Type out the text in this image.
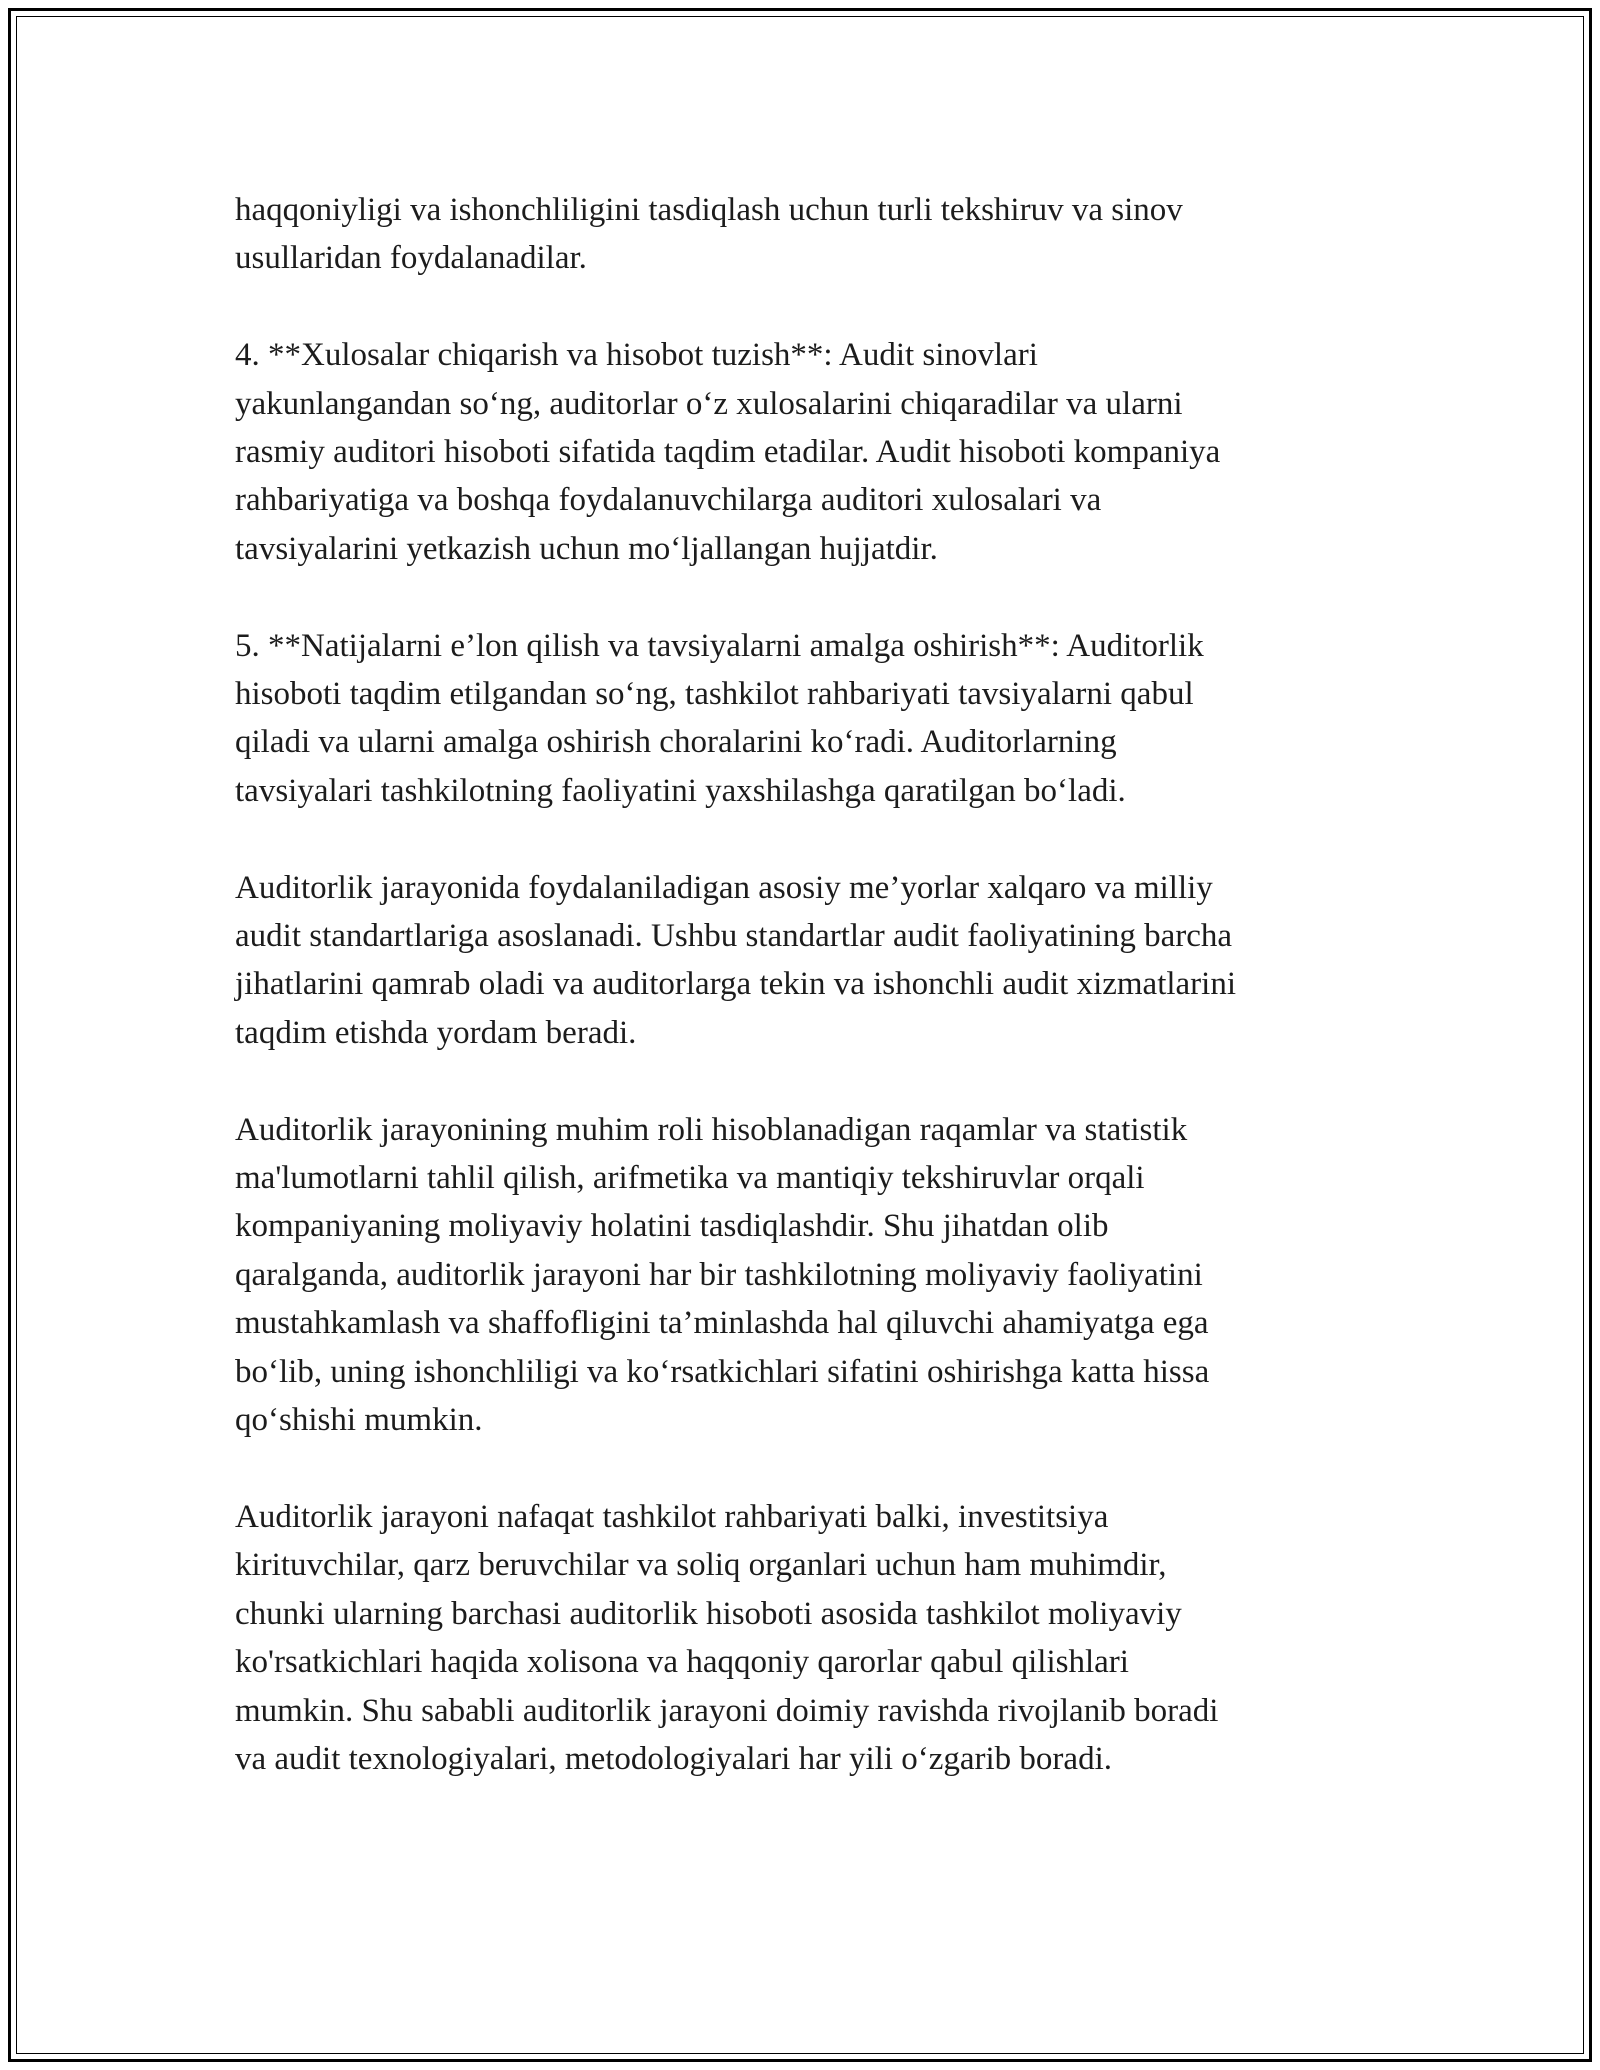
haqqoniyligi va ishonchliligini tasdiqlash uchun turli tekshiruv va sinov
usullaridan foydalanadilar.

4. **Xulosalar chiqarish va hisobot tuzish**: Audit sinovlari
yakunlangandan so‘ng, auditorlar o‘z xulosalarini chiqaradilar va ularni
rasmiy auditori hisoboti sifatida taqdim etadilar. Audit hisoboti kompaniya
rahbariyatiga va boshqa foydalanuvchilarga auditori xulosalari va
tavsiyalarini yetkazish uchun mo‘ljallangan hujjatdir.

5. **Natijalarni e’lon qilish va tavsiyalarni amalga oshirish**: Auditorlik
hisoboti taqdim etilgandan so‘ng, tashkilot rahbariyati tavsiyalarni qabul
qiladi va ularni amalga oshirish choralarini ko‘radi. Auditorlarning
tavsiyalari tashkilotning faoliyatini yaxshilashga qaratilgan bo‘ladi.

Auditorlik jarayonida foydalaniladigan asosiy me’yorlar xalqaro va milliy
audit standartlariga asoslanadi. Ushbu standartlar audit faoliyatining barcha
jihatlarini qamrab oladi va auditorlarga tekin va ishonchli audit xizmatlarini
taqdim etishda yordam beradi.

Auditorlik jarayonining muhim roli hisoblanadigan raqamlar va statistik
ma'lumotlarni tahlil qilish, arifmetika va mantiqiy tekshiruvlar orqali
kompaniyaning moliyaviy holatini tasdiqlashdir. Shu jihatdan olib
qaralganda, auditorlik jarayoni har bir tashkilotning moliyaviy faoliyatini
mustahkamlash va shaffofligini ta’minlashda hal qiluvchi ahamiyatga ega
bo‘lib, uning ishonchliligi va ko‘rsatkichlari sifatini oshirishga katta hissa
qo‘shishi mumkin.

Auditorlik jarayoni nafaqat tashkilot rahbariyati balki, investitsiya
kirituvchilar, qarz beruvchilar va soliq organlari uchun ham muhimdir,
chunki ularning barchasi auditorlik hisoboti asosida tashkilot moliyaviy
ko'rsatkichlari haqida xolisona va haqqoniy qarorlar qabul qilishlari
mumkin. Shu sababli auditorlik jarayoni doimiy ravishda rivojlanib boradi
va audit texnologiyalari, metodologiyalari har yili o‘zgarib boradi.
